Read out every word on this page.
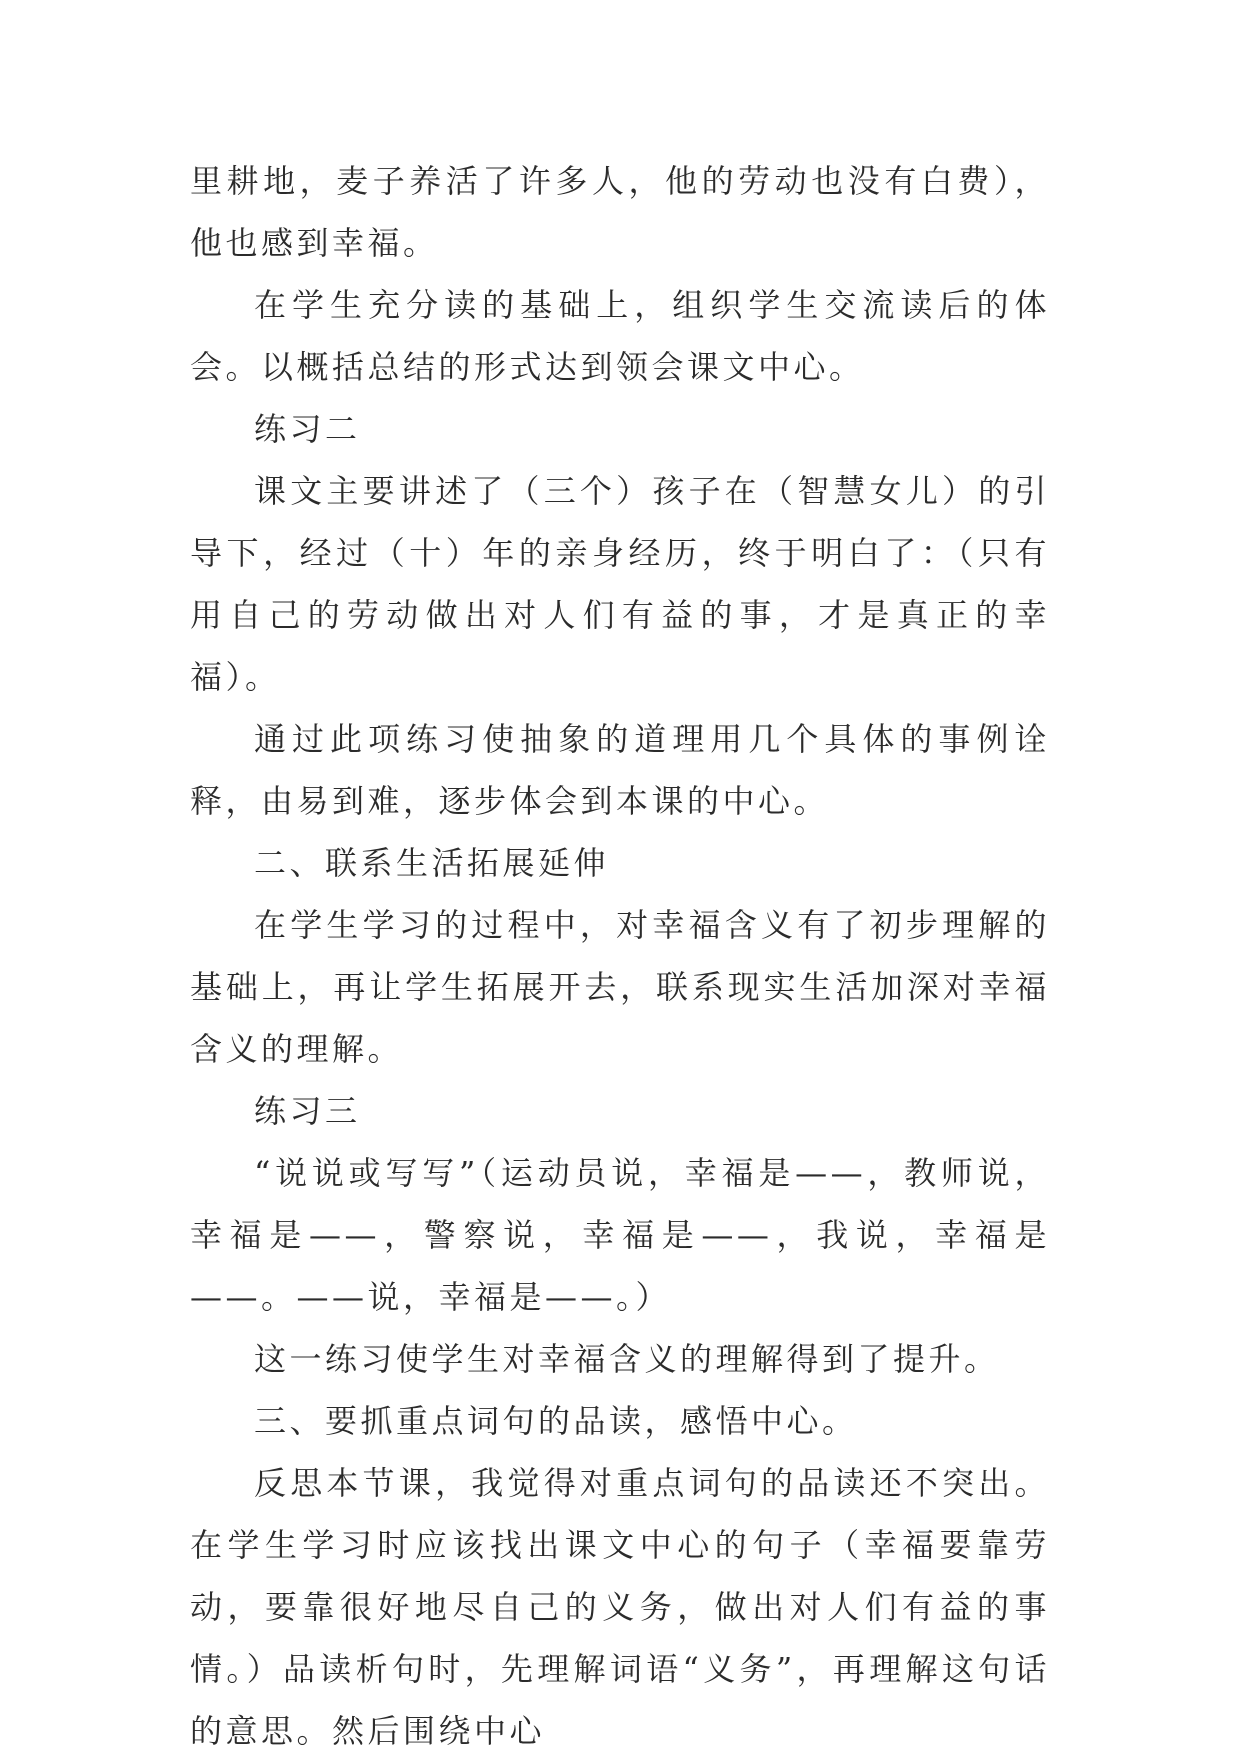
里耕地，麦子养活了许多人，他的劳动也没有白费），他也感到幸福。

在学生充分读的基础上，组织学生交流读后的体会。以概括总结的形式达到领会课文中心。

练习二

课文主要讲述了（三个）孩子在（智慧女儿）的引导下，经过（十）年的亲身经历，终于明白了：（只有用自己的劳动做出对人们有益的事，才是真正的幸福）。

通过此项练习使抽象的道理用几个具体的事例诠释，由易到难，逐步体会到本课的中心。

二、联系生活拓展延伸

在学生学习的过程中，对幸福含义有了初步理解的基础上，再让学生拓展开去，联系现实生活加深对幸福含义的理解。

练习三

“说说或写写”（运动员说，幸福是——，教师说，幸福是——，警察说，幸福是——，我说，幸福是——。——说，幸福是——。）

这一练习使学生对幸福含义的理解得到了提升。

三、要抓重点词句的品读，感悟中心。

反思本节课，我觉得对重点词句的品读还不突出。在学生学习时应该找出课文中心的句子（幸福要靠劳动，要靠很好地尽自己的义务，做出对人们有益的事情。）品读析句时，先理解词语“义务”，再理解这句话的意思。然后围绕中心
